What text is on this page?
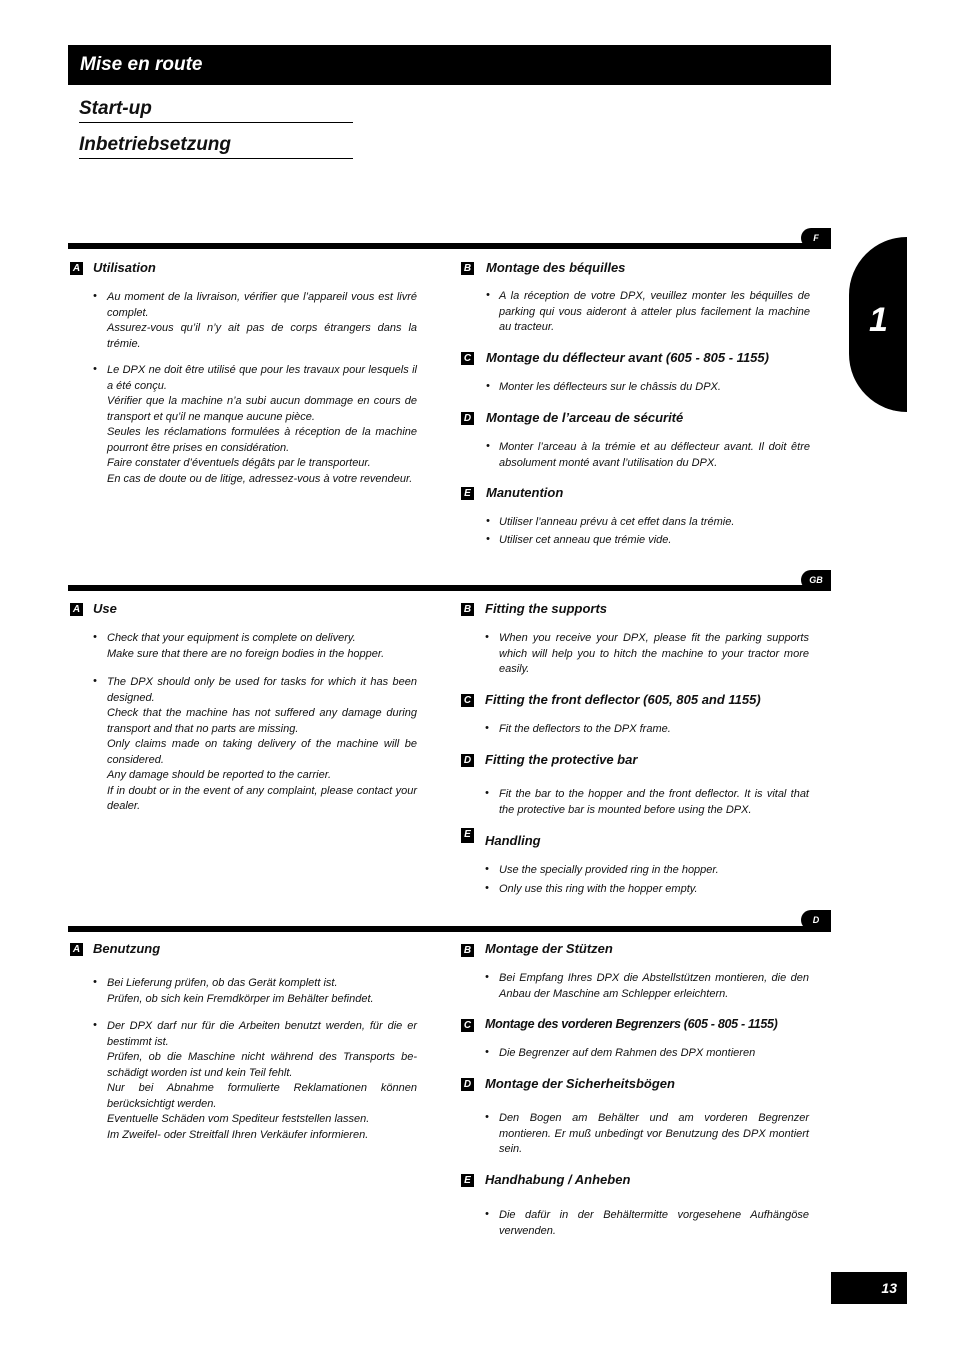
Mise en route
Start-up
Inbetriebsetzung
1
F
A Utilisation
• Au moment de la livraison, vérifier que l’appareil vous est livré complet.
Assurez-vous qu’il n’y ait pas de corps étrangers dans la trémie.
• Le DPX ne doit être utilisé que pour les travaux pour lesquels il a été conçu.
Vérifier que la machine n’a subi aucun dommage en cours de transport et qu’il ne manque aucune pièce.
Seules les réclamations formulées à réception de la machine pourront être prises en considération.
Faire constater d’éventuels dégâts par le transporteur.
En cas de doute ou de litige, adressez-vous à votre revendeur.
B Montage des béquilles
• A la réception de votre DPX, veuillez monter les béquilles de parking qui vous aideront à atteler plus facilement la machine au tracteur.
C Montage du déflecteur avant (605 - 805 - 1155)
• Monter les déflecteurs sur le châssis du DPX.
D Montage de l’arceau de sécurité
• Monter l’arceau à la trémie et au déflecteur avant. Il doit être absolument monté avant l’utilisation du DPX.
E Manutention
• Utiliser l’anneau prévu à cet effet dans la trémie.
• Utiliser cet anneau que trémie vide.
GB
A Use
• Check that your equipment is complete on delivery.
Make sure that there are no foreign bodies in the hopper.
• The DPX should only be used for tasks for which it has been designed.
Check that the machine has not suffered any damage during transport and that no parts are missing.
Only claims made on taking delivery of the machine will be considered.
Any damage should be reported to the carrier.
If in doubt or in the event of any complaint, please contact your dealer.
B Fitting the supports
• When you receive your DPX, please fit the parking supports which will help you to hitch the machine to your tractor more easily.
C Fitting the front deflector (605, 805 and 1155)
• Fit the deflectors to the DPX frame.
D Fitting the protective bar
• Fit the bar to the hopper and the front deflector. It is vital that the protective bar is mounted before using the DPX.
E Handling
• Use the specially provided ring in the hopper.
• Only use this ring with the hopper empty.
D
A Benutzung
• Bei Lieferung prüfen, ob das Gerät komplett ist.
Prüfen, ob sich kein Fremdkörper im Behälter befindet.
• Der DPX darf nur für die Arbeiten benutzt werden, für die er bestimmt ist.
Prüfen, ob die Maschine nicht während des Transports be-schädigt worden ist und kein Teil fehlt.
Nur bei Abnahme formulierte Reklamationen können berücksichtigt werden.
Eventuelle Schäden vom Spediteur feststellen lassen.
Im Zweifel- oder Streitfall Ihren Verkäufer informieren.
B Montage der Stützen
• Bei Empfang Ihres DPX die Abstellstützen montieren, die den Anbau der Maschine am Schlepper erleichtern.
C Montage des vorderen Begrenzers (605 - 805 - 1155)
• Die Begrenzer auf dem Rahmen des DPX montieren
D Montage der Sicherheitsbögen
• Den Bogen am Behälter und am vorderen Begrenzer montieren. Er muß unbedingt vor Benutzung des DPX montiert sein.
E Handhabung / Anheben
• Die dafür in der Behältermitte vorgesehene Aufhängöse verwenden.
13
